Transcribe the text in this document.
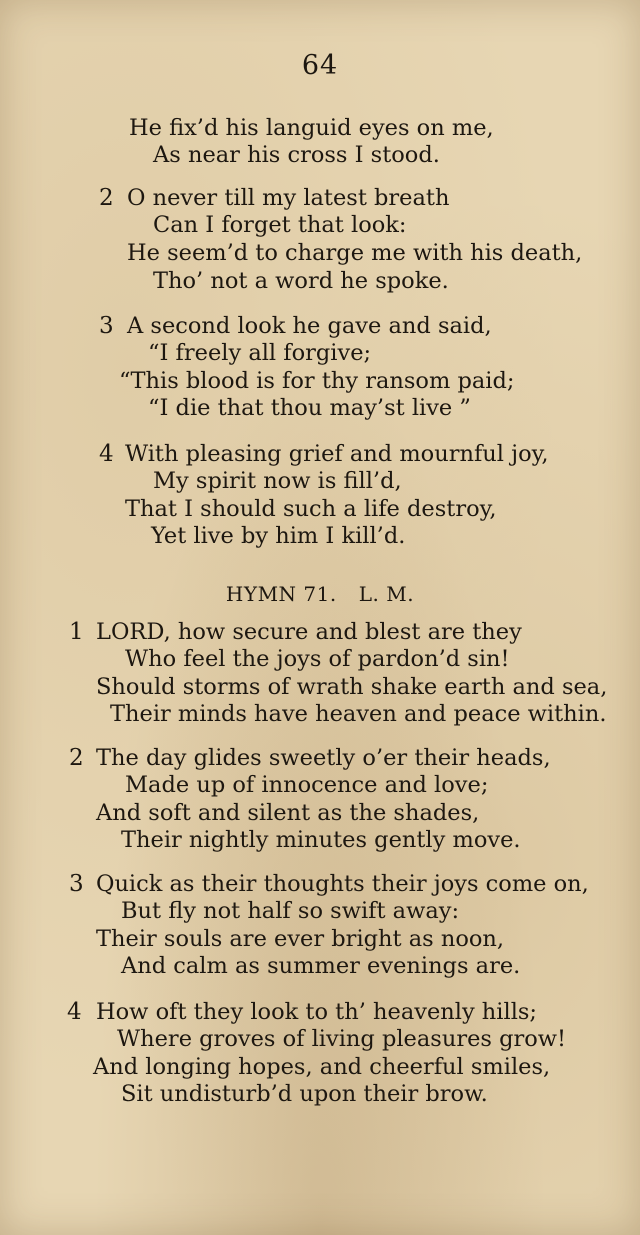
64
He fix’d his languid eyes on me,
As near his cross I stood.
2 O never till my latest breath
Can I forget that look:
He seem’d to charge me with his death,
Tho’ not a word he spoke.
3 A second look he gave and said,
“I freely all forgive;
“This blood is for thy ransom paid;
“I die that thou may’st live ”
4 With pleasing grief and mournful joy,
My spirit now is fill’d,
That I should such a life destroy,
Yet live by him I kill’d.
HYMN 71. L. M.
1 LORD, how secure and blest are they
Who feel the joys of pardon’d sin!
Should storms of wrath shake earth and sea,
Their minds have heaven and peace within.
2 The day glides sweetly o’er their heads,
Made up of innocence and love;
And soft and silent as the shades,
Their nightly minutes gently move.
3 Quick as their thoughts their joys come on,
But fly not half so swift away:
Their souls are ever bright as noon,
And calm as summer evenings are.
4 How oft they look to th’ heavenly hills;
Where groves of living pleasures grow!
And longing hopes, and cheerful smiles,
Sit undisturb’d upon their brow.
